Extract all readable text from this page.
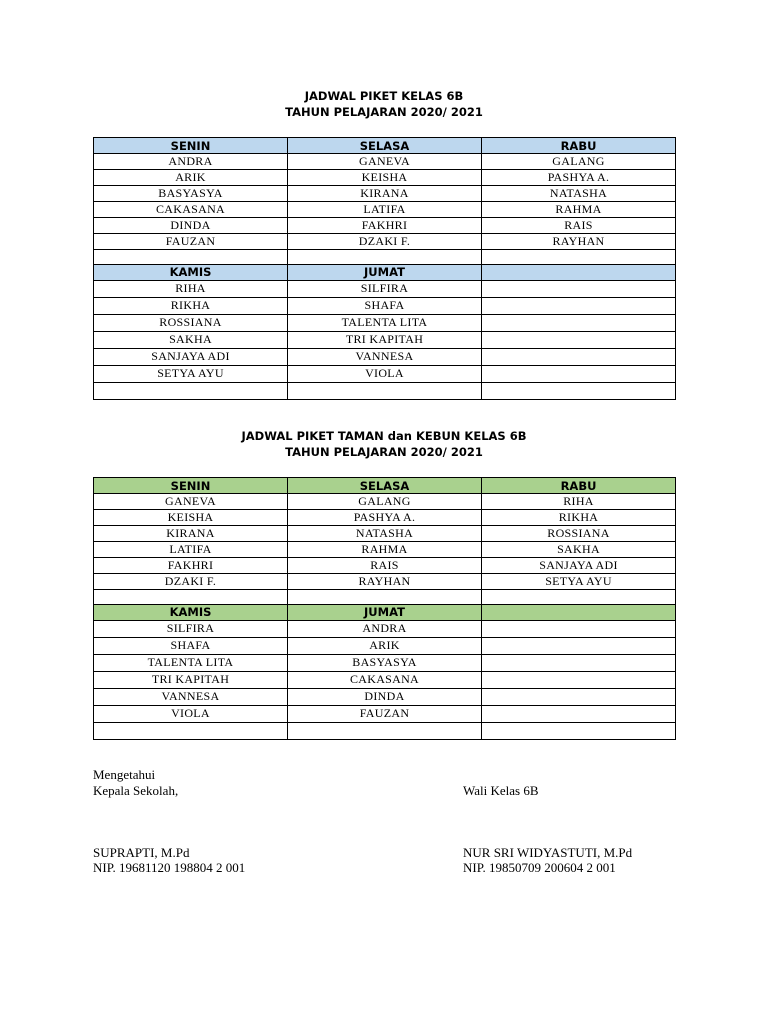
JADWAL PIKET KELAS 6B
TAHUN PELAJARAN 2020/ 2021
SENIN	SELASA	RABU
ANDRA	GANEVA	GALANG
ARIK	KEISHA	PASHYA A.
BASYASYA	KIRANA	NATASHA
CAKASANA	LATIFA	RAHMA
DINDA	FAKHRI	RAIS
FAUZAN	DZAKI F.	RAYHAN

KAMIS	JUMAT	
RIHA	SILFIRA	
RIKHA	SHAFA	
ROSSIANA	TALENTA LITA	
SAKHA	TRI KAPITAH	
SANJAYA ADI	VANNESA	
SETYA AYU	VIOLA	

JADWAL PIKET TAMAN dan KEBUN KELAS 6B
TAHUN PELAJARAN 2020/ 2021
SENIN	SELASA	RABU
GANEVA	GALANG	RIHA
KEISHA	PASHYA A.	RIKHA
KIRANA	NATASHA	ROSSIANA
LATIFA	RAHMA	SAKHA
FAKHRI	RAIS	SANJAYA ADI
DZAKI F.	RAYHAN	SETYA AYU

KAMIS	JUMAT	
SILFIRA	ANDRA	
SHAFA	ARIK	
TALENTA LITA	BASYASYA	
TRI KAPITAH	CAKASANA	
VANNESA	DINDA	
VIOLA	FAUZAN	

Mengetahui
Kepala Sekolah,	Wali Kelas 6B
SUPRAPTI, M.Pd
NIP. 19681120 198804 2 001
NUR SRI WIDYASTUTI, M.Pd
NIP. 19850709 200604 2 001
